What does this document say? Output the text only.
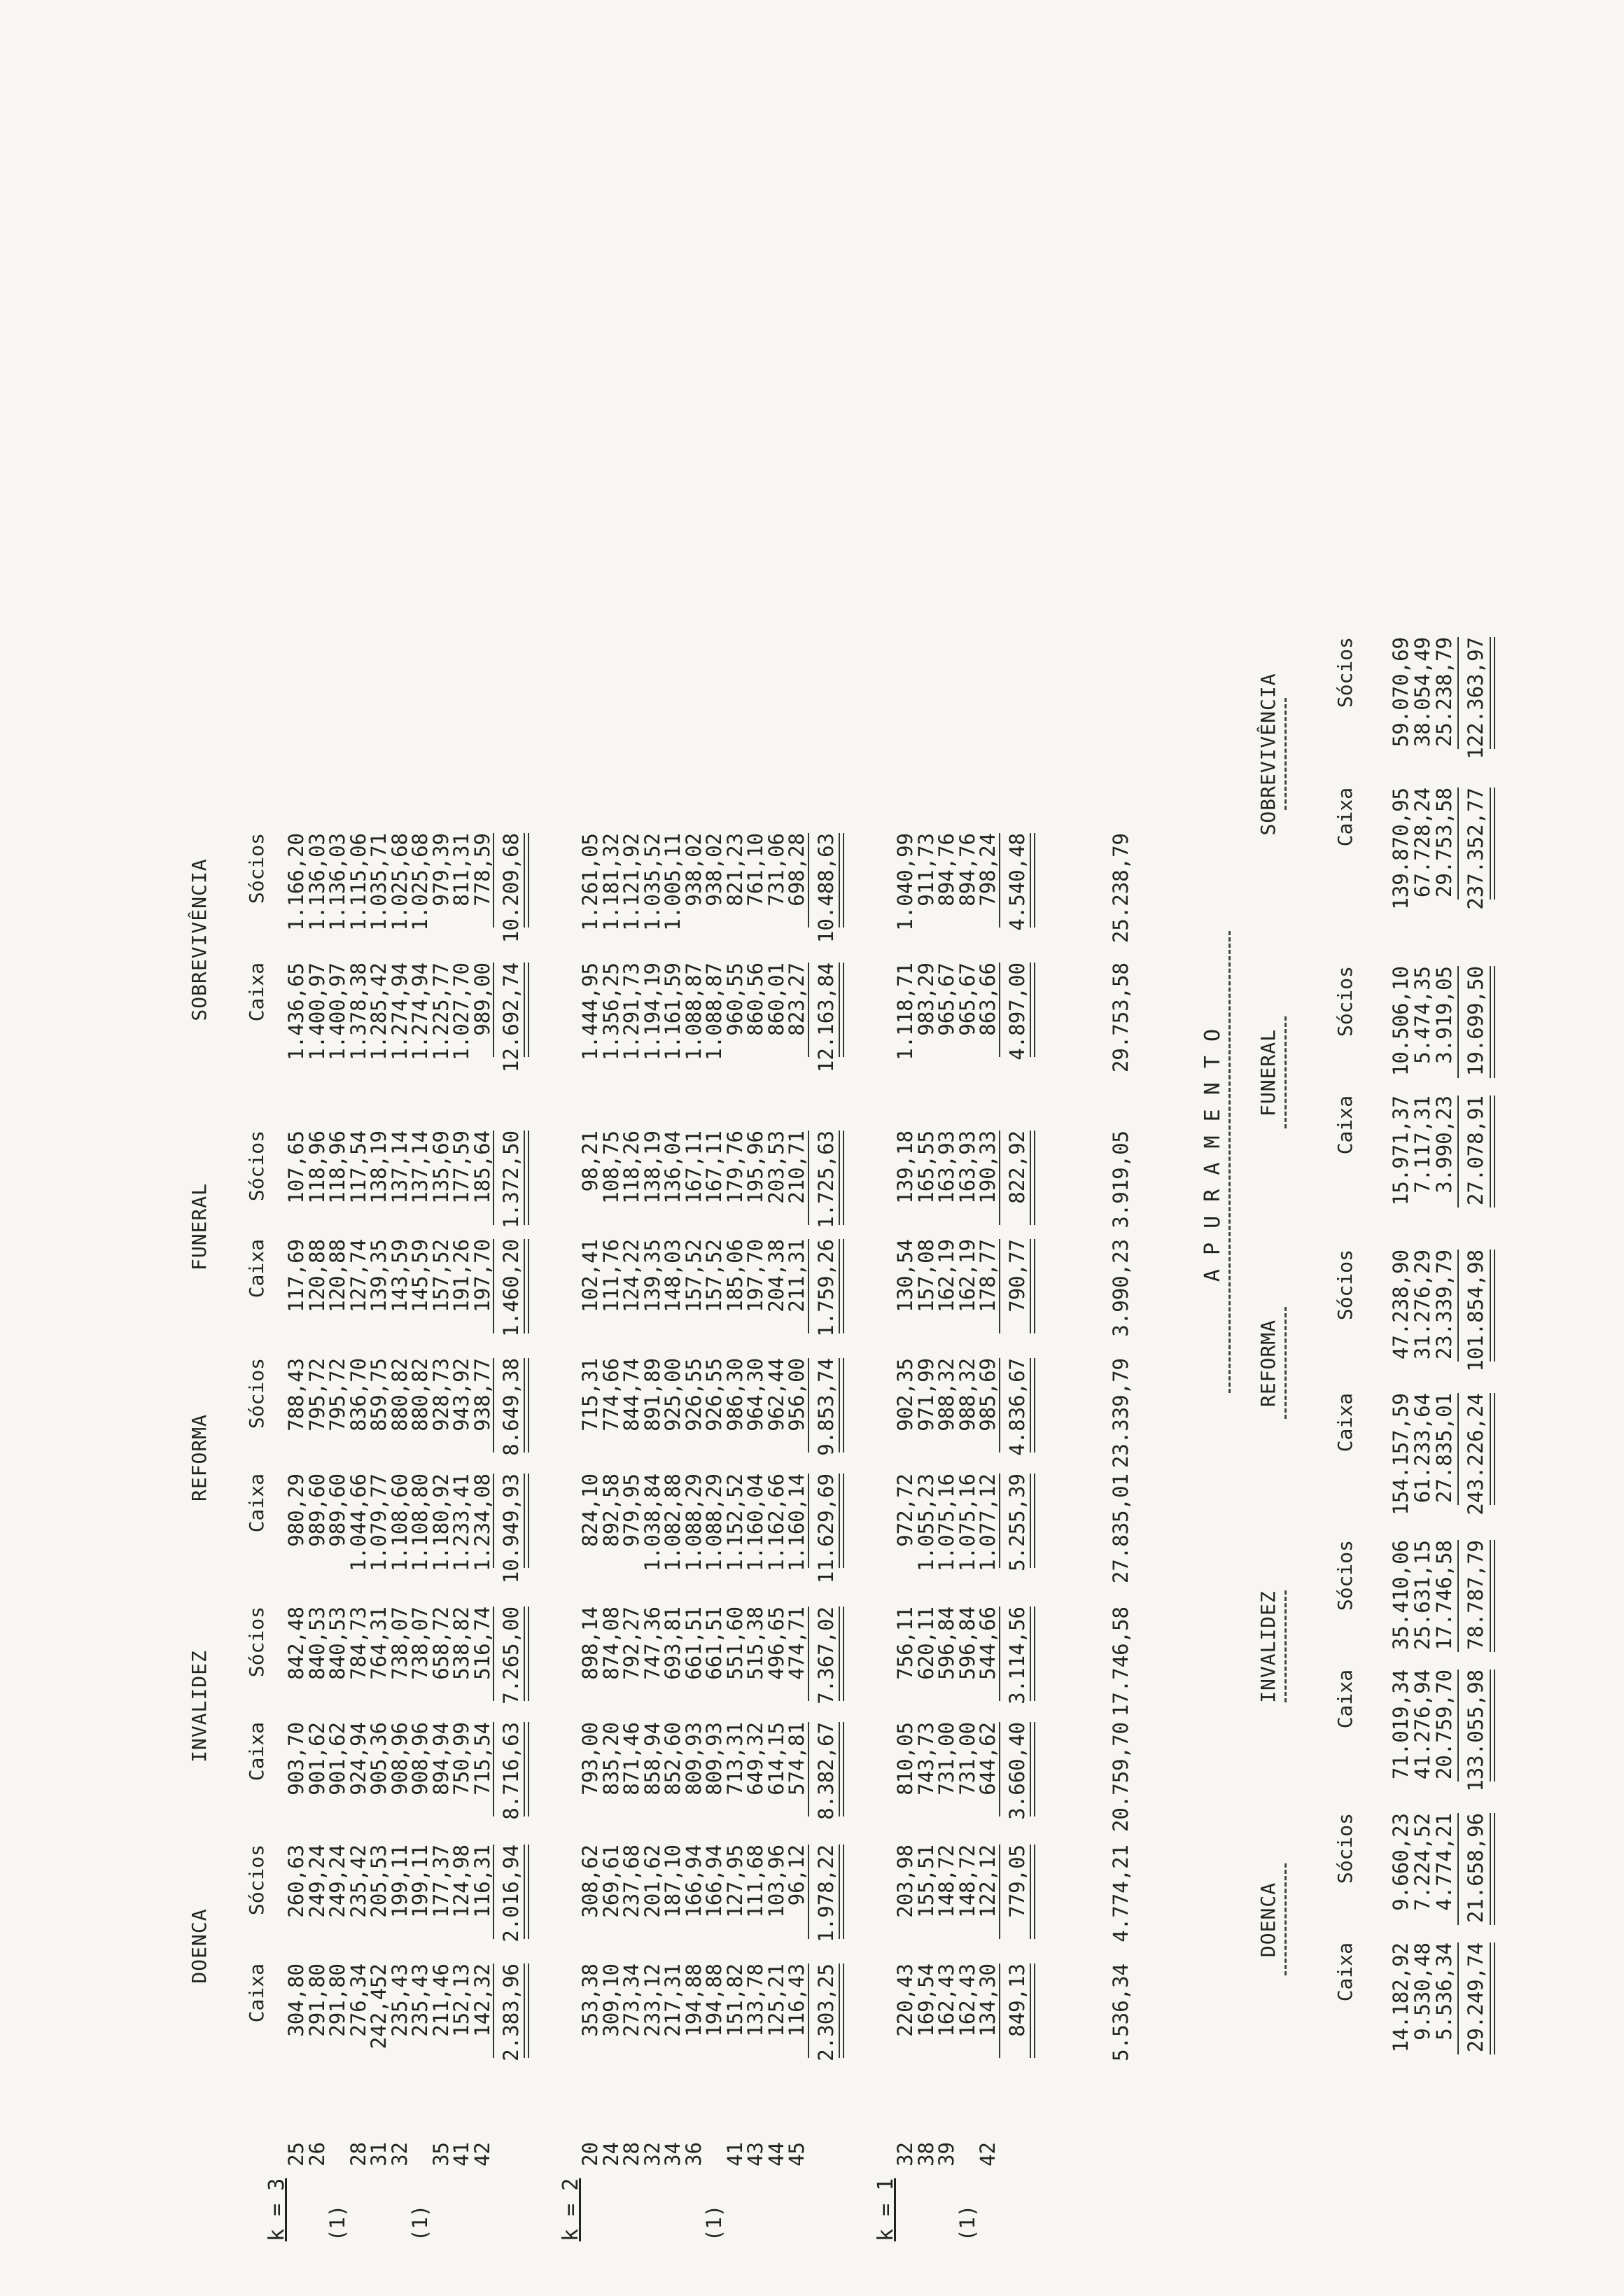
DOENCA
INVALIDEZ
REFORMA
FUNERAL
SOBREVIVÊNCIA
Caixa
Sócios
Caixa
Sócios
Caixa
Sócios
Caixa
Sócios
Caixa
Sócios
k = 3
25
304,80
260,63
903,70
842,48
980,29
788,43
117,69
107,65
1.436,65
1.166,20
26
291,80
249,24
901,62
840,53
989,60
795,72
120,88
118,96
1.400,97
1.136,03
(1)
291,80
249,24
901,62
840,53
989,60
795,72
120,88
118,96
1.400,97
1.136,03
28
276,34
235,42
924,94
784,73
1.044,66
836,70
127,74
117,54
1.378,38
1.115,06
31
242,452
205,53
905,36
764,31
1.079,77
859,75
139,35
138,19
1.285,42
1.035,71
32
235,43
199,11
908,96
738,07
1.108,60
880,82
143,59
137,14
1.274,94
1.025,68
(1)
235,43
199,11
908,96
738,07
1.108,80
880,82
145,59
137,14
1.274,94
1.025,68
35
211,46
177,37
894,94
658,72
1.180,92
928,73
157,52
135,69
1.225,77
979,39
41
152,13
124,98
750,99
538,82
1.233,41
943,92
191,26
177,59
1.027,70
811,31
42
142,32
116,31
715,54
516,74
1.234,08
938,77
197,70
185,64
989,00
778,59
2.383,96
2.016,94
8.716,63
7.265,00
10.949,93
8.649,38
1.460,20
1.372,50
12.692,74
10.209,68
k = 2
20
353,38
308,62
793,00
898,14
824,10
715,31
102,41
98,21
1.444,95
1.261,05
24
309,10
269,61
835,20
874,08
892,58
774,66
111,76
108,75
1.356,25
1.181,32
28
273,34
237,68
871,46
792,27
979,95
844,74
124,22
118,26
1.291,73
1.121,92
32
233,12
201,62
858,94
747,36
1.038,84
891,89
139,35
138,19
1.194,19
1.035,52
34
217,31
187,10
852,60
693,81
1.082,88
925,00
148,03
136,04
1.161,59
1.005,11
36
194,88
166,94
809,93
661,51
1.088,29
926,55
157,52
167,11
1.088,87
938,02
(1)
194,88
166,94
809,93
661,51
1.088,29
926,55
157,52
167,11
1.088,87
938,02
41
151,82
127,95
713,31
551,60
1.152,52
986,30
185,06
179,76
960,55
821,23
43
133,78
111,68
649,32
515,38
1.160,04
964,30
197,70
195,96
860,56
761,10
44
125,21
103,96
614,15
496,65
1.162,66
962,44
204,38
203,53
860,01
731,06
45
116,43
96,12
574,81
474,71
1.160,14
956,00
211,31
210,71
823,27
698,28
2.303,25
1.978,22
8.382,67
7.367,02
11.629,69
9.853,74
1.759,26
1.725,63
12.163,84
10.488,63
k = 1
32
220,43
203,98
810,05
756,11
972,72
902,35
130,54
139,18
1.118,71
1.040,99
38
169,54
155,51
743,73
620,11
1.055,23
971,99
157,08
165,55
983,29
911,73
39
162,43
148,72
731,00
596,84
1.075,16
988,32
162,19
163,93
965,67
894,76
(1)
162,43
148,72
731,00
596,84
1.075,16
988,32
162,19
163,93
965,67
894,76
42
134,30
122,12
644,62
544,66
1.077,12
985,69
178,77
190,33
863,66
798,24
849,13
779,05
3.660,40
3.114,56
5.255,39
4.836,67
790,77
822,92
4.897,00
4.540,48
5.536,34
4.774,21
20.759,70
17.746,58
27.835,01
23.339,79
3.990,23
3.919,05
29.753,58
25.238,79
A P U R A M E N T O
DOENCA
INVALIDEZ
REFORMA
FUNERAL
SOBREVIVÊNCIA
Caixa
Sócios
Caixa
Sócios
Caixa
Sócios
Caixa
Sócios
Caixa
Sócios
14.182,92
9.660,23
71.019,34
35.410,06
154.157,59
47.238,90
15.971,37
10.506,10
139.870,95
59.070,69
9.530,48
7.224,52
41.276,94
25.631,15
61.233,64
31.276,29
7.117,31
5.474,35
67.728,24
38.054,49
5.536,34
4.774,21
20.759,70
17.746,58
27.835,01
23.339,79
3.990,23
3.919,05
29.753,58
25.238,79
29.249,74
21.658,96
133.055,98
78.787,79
243.226,24
101.854,98
27.078,91
19.699,50
237.352,77
122.363,97
